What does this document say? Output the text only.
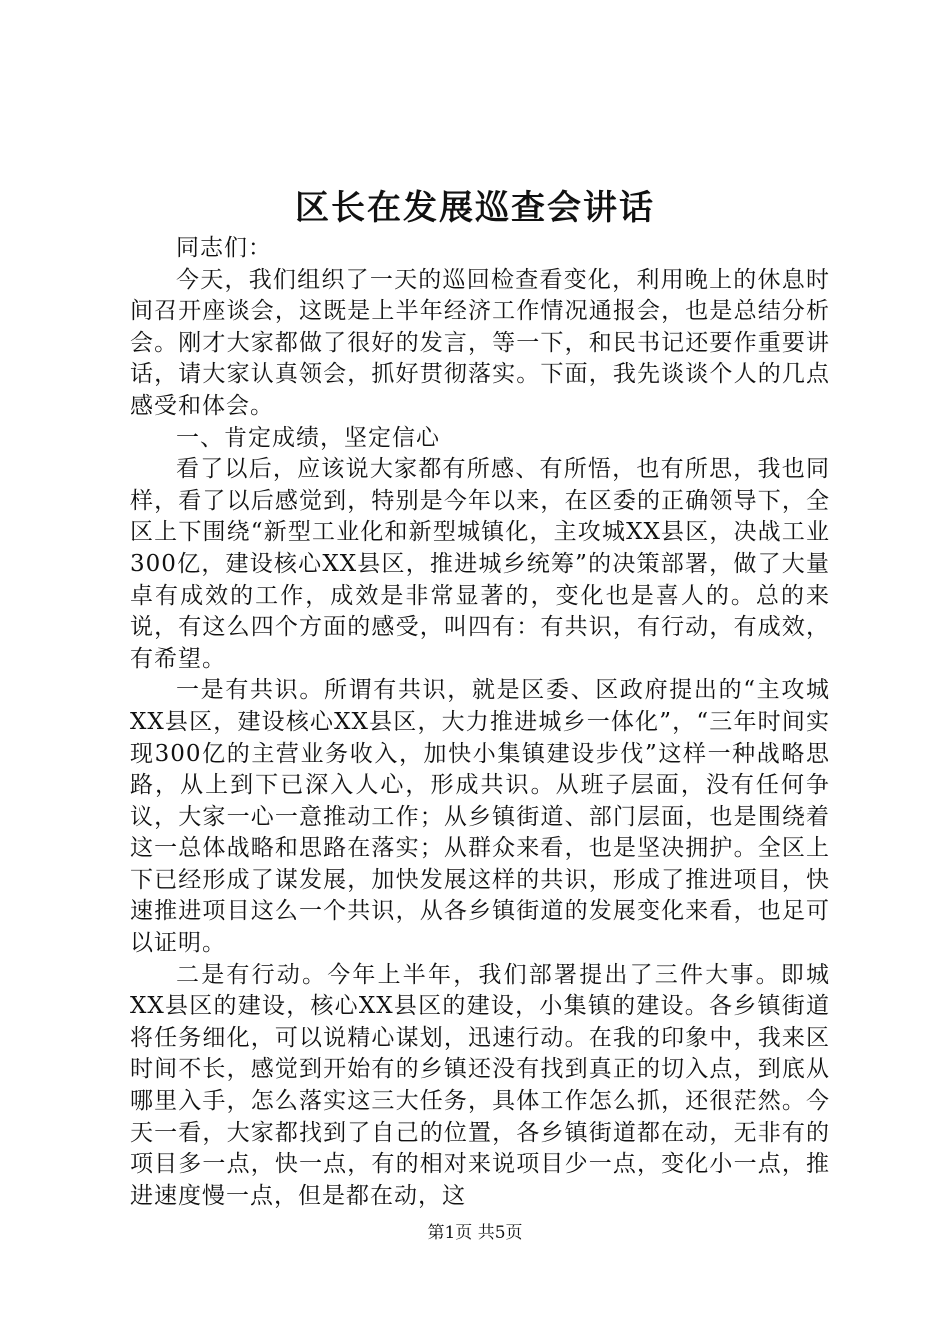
区长在发展巡查会讲话

同志们：

今天，我们组织了一天的巡回检查看变化，利用晚上的休息时间召开座谈会，这既是上半年经济工作情况通报会，也是总结分析会。刚才大家都做了很好的发言，等一下，和民书记还要作重要讲话，请大家认真领会，抓好贯彻落实。下面，我先谈谈个人的几点感受和体会。

一、肯定成绩，坚定信心

看了以后，应该说大家都有所感、有所悟，也有所思，我也同样，看了以后感觉到，特别是今年以来，在区委的正确领导下，全区上下围绕“新型工业化和新型城镇化，主攻城XX县区，决战工业300亿，建设核心XX县区，推进城乡统筹”的决策部署，做了大量卓有成效的工作，成效是非常显著的，变化也是喜人的。总的来说，有这么四个方面的感受，叫四有：有共识，有行动，有成效，有希望。

一是有共识。所谓有共识，就是区委、区政府提出的“主攻城XX县区，建设核心XX县区，大力推进城乡一体化”，“三年时间实现300亿的主营业务收入，加快小集镇建设步伐”这样一种战略思路，从上到下已深入人心，形成共识。从班子层面，没有任何争议，大家一心一意推动工作；从乡镇街道、部门层面，也是围绕着这一总体战略和思路在落实；从群众来看，也是坚决拥护。全区上下已经形成了谋发展，加快发展这样的共识，形成了推进项目，快速推进项目这么一个共识，从各乡镇街道的发展变化来看，也足可以证明。

二是有行动。今年上半年，我们部署提出了三件大事。即城XX县区的建设，核心XX县区的建设，小集镇的建设。各乡镇街道将任务细化，可以说精心谋划，迅速行动。在我的印象中，我来区时间不长，感觉到开始有的乡镇还没有找到真正的切入点，到底从哪里入手，怎么落实这三大任务，具体工作怎么抓，还很茫然。今天一看，大家都找到了自己的位置，各乡镇街道都在动，无非有的项目多一点，快一点，有的相对来说项目少一点，变化小一点，推进速度慢一点，但是都在动，这

第1页 共5页
